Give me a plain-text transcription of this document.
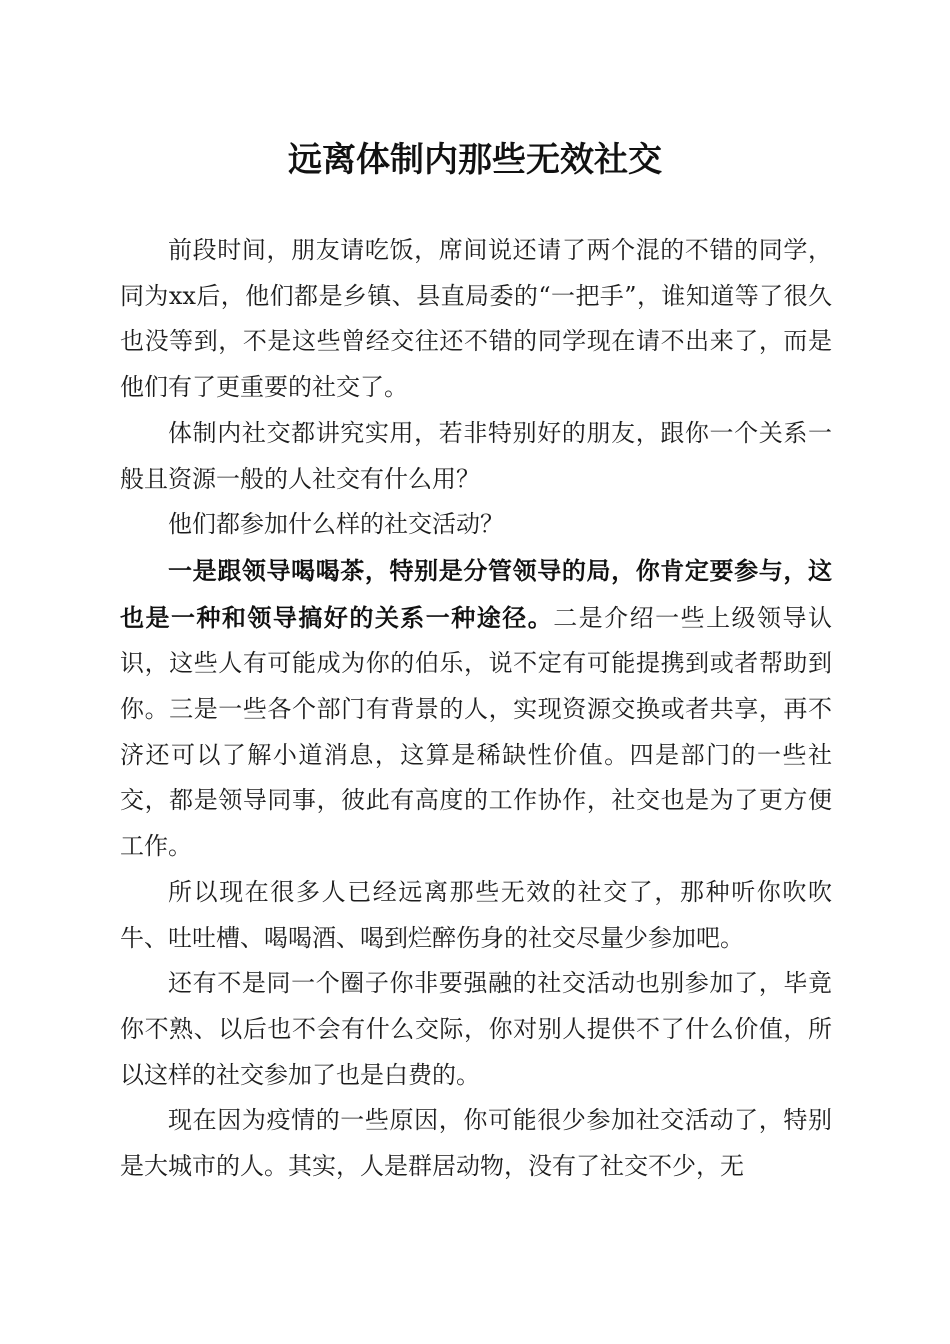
远离体制内那些无效社交

前段时间，朋友请吃饭，席间说还请了两个混的不错的同学，同为xx后，他们都是乡镇、县直局委的“一把手”，谁知道等了很久也没等到，不是这些曾经交往还不错的同学现在请不出来了，而是他们有了更重要的社交了。

体制内社交都讲究实用，若非特别好的朋友，跟你一个关系一般且资源一般的人社交有什么用？

他们都参加什么样的社交活动？

一是跟领导喝喝茶，特别是分管领导的局，你肯定要参与，这也是一种和领导搞好的关系一种途径。二是介绍一些上级领导认识，这些人有可能成为你的伯乐，说不定有可能提携到或者帮助到你。三是一些各个部门有背景的人，实现资源交换或者共享，再不济还可以了解小道消息，这算是稀缺性价值。四是部门的一些社交，都是领导同事，彼此有高度的工作协作，社交也是为了更方便工作。

所以现在很多人已经远离那些无效的社交了，那种听你吹吹牛、吐吐槽、喝喝酒、喝到烂醉伤身的社交尽量少参加吧。

还有不是同一个圈子你非要强融的社交活动也别参加了，毕竟你不熟、以后也不会有什么交际，你对别人提供不了什么价值，所以这样的社交参加了也是白费的。

现在因为疫情的一些原因，你可能很少参加社交活动了，特别是大城市的人。其实，人是群居动物，没有了社交不少，无
